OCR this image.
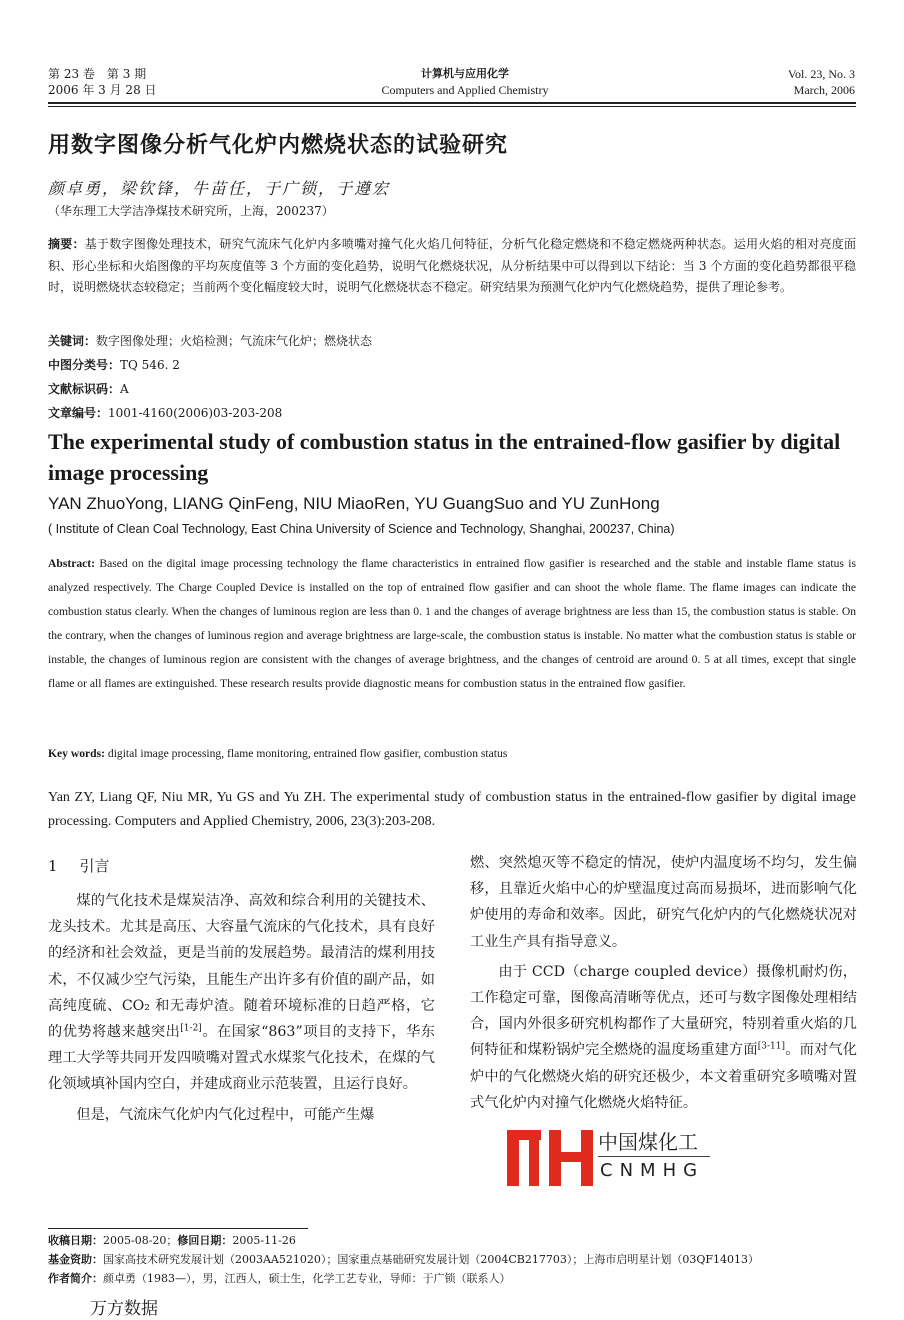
第 23 卷　第 3 期
2006 年 3 月 28 日
计算机与应用化学
Computers and Applied Chemistry
Vol. 23, No. 3
March, 2006
用数字图像分析气化炉内燃烧状态的试验研究
颜卓勇，梁钦锋，牛苗任，于广锁，于遵宏
（华东理工大学洁净煤技术研究所，上海，200237）
摘要：基于数字图像处理技术，研究气流床气化炉内多喷嘴对撞气化火焰几何特征，分析气化稳定燃烧和不稳定燃烧两种状态。运用火焰的相对亮度面积、形心坐标和火焰图像的平均灰度值等 3 个方面的变化趋势，说明气化燃烧状况，从分析结果中可以得到以下结论：当 3 个方面的变化趋势都很平稳时，说明燃烧状态较稳定；当前两个变化幅度较大时，说明气化燃烧状态不稳定。研究结果为预测气化炉内气化燃烧趋势，提供了理论参考。
关键词：数字图像处理；火焰检测；气流床气化炉；燃烧状态
中图分类号：TQ 546. 2
文献标识码：A
文章编号：1001-4160(2006)03-203-208
The experimental study of combustion status in the entrained-flow gasifier by digital image processing
YAN ZhuoYong, LIANG QinFeng, NIU MiaoRen, YU GuangSuo and YU ZunHong
( Institute of Clean Coal Technology, East China University of Science and Technology, Shanghai, 200237, China)
Abstract: Based on the digital image processing technology the flame characteristics in entrained flow gasifier is researched and the stable and instable flame status is analyzed respectively. The Charge Coupled Device is installed on the top of entrained flow gasifier and can shoot the whole flame. The flame images can indicate the combustion status clearly. When the changes of luminous region are less than 0. 1 and the changes of average brightness are less than 15, the combustion status is stable. On the contrary, when the changes of luminous region and average brightness are large-scale, the combustion status is instable. No matter what the combustion status is stable or instable, the changes of luminous region are consistent with the changes of average brightness, and the changes of centroid are around 0. 5 at all times, except that single flame or all flames are extinguished. These research results provide diagnostic means for combustion status in the entrained flow gasifier.
Key words: digital image processing, flame monitoring, entrained flow gasifier, combustion status
Yan ZY, Liang QF, Niu MR, Yu GS and Yu ZH. The experimental study of combustion status in the entrained-flow gasifier by digital image processing. Computers and Applied Chemistry, 2006, 23(3):203-208.
1 引言

煤的气化技术是煤炭洁净、高效和综合利用的关键技术、龙头技术。尤其是高压、大容量气流床的气化技术，具有良好的经济和社会效益，更是当前的发展趋势。最清洁的煤利用技术，不仅减少空气污染，且能生产出许多有价值的副产品，如高纯度硫、CO₂ 和无毒炉渣。随着环境标准的日趋严格，它的优势将越来越突出[1-2]。在国家“863”项目的支持下，华东理工大学等共同开发四喷嘴对置式水煤浆气化技术，在煤的气化领域填补国内空白，并建成商业示范装置，且运行良好。

但是，气流床气化炉内气化过程中，可能产生爆

燃、突然熄灭等不稳定的情况，使炉内温度场不均匀，发生偏移，且靠近火焰中心的炉壁温度过高而易损坏，进而影响气化炉使用的寿命和效率。因此，研究气化炉内的气化燃烧状况对工业生产具有指导意义。

由于 CCD（charge coupled device）摄像机耐灼伤，工作稳定可靠，图像高清晰等优点，还可与数字图像处理相结合，国内外很多研究机构都作了大量研究，特别着重火焰的几何特征和煤粉锅炉完全燃烧的温度场重建方面[3-11]。而对气化炉中的气化燃烧火焰的研究还极少，本文着重研究多喷嘴对置式气化炉内对撞气化燃烧火焰特征。

中国煤化工
CNMHG
收稿日期：2005-08-20；修回日期：2005-11-26
基金资助：国家高技术研究发展计划（2003AA521020）；国家重点基础研究发展计划（2004CB217703）；上海市启明星计划（03QF14013）
作者简介：颜卓勇（1983—），男，江西人，硕士生，化学工艺专业，导师：于广锁（联系人）
万方数据
